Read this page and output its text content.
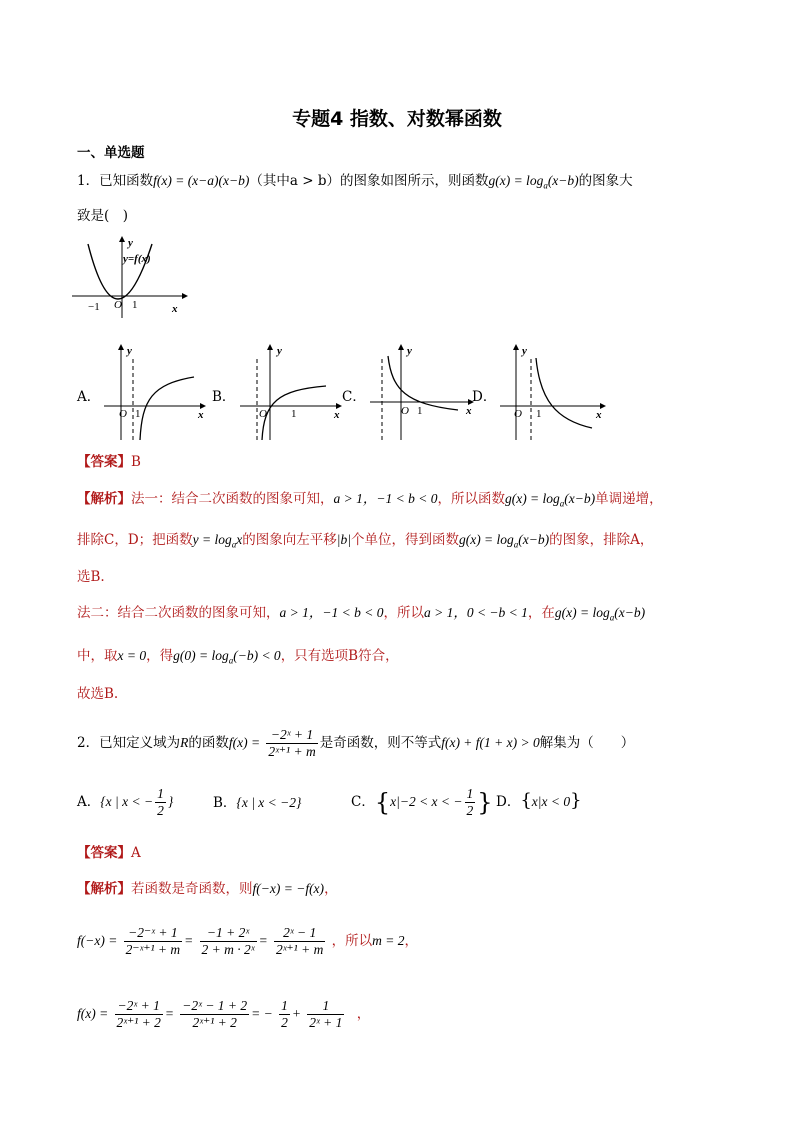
专题4 指数、对数幂函数
一、单选题
1．已知函数f(x) = (x−a)(x−b)（其中a > b）的图象如图所示，则函数$g(x) = \log_a(x-b)$的图象大
致是(　)
y
y=f(x)
−1 O 1	x
A．
y
O 1	x
B．
y
O 1	x
C．
y
O 1	x
D．
y
O 1	x
【答案】B
【解析】法一：结合二次函数的图象可知，a > 1，−1 < b < 0，所以函数$g(x) = \log_a(x-b)$单调递增，
排除C，D；把函数$y = \log_ax$的图象向左平移|b|个单位，得到函数$g(x) = \log_a(x-b)$的图象，排除A，
选B.
法二：结合二次函数的图象可知，a > 1，−1 < b < 0，所以a > 1，0 < −b < 1，在$g(x) = \log_a(x-b)$
中，取x = 0，得$g(0) = \log_a(-b) < 0$，只有选项B符合，
故选B.
2．已知定义域为R的函数$f(x) = \frac{\text{−2ˣ + 1}}{\text{2ˣ⁺¹ + m}}$ 是奇函数，则不等式f(x) + f(1 + x) > 0解集为（　　）
A．{x | x < − $\frac{1}{2}$ }	B．{x | x < −2}	C．{x|−2 < x < − $\frac{1}{2}$ } D．{x|x < 0}
【答案】A
【解析】若函数是奇函数，则f(−x) = −f(x)，
$f(-x) = \frac{\text{−2⁻ˣ + 1}}{\text{2⁻ˣ⁺¹ + m}} = \frac{\text{−1 + 2ˣ}}{\text{2 + m · 2ˣ}} = \frac{\text{2ˣ − 1}}{\text{2ˣ⁺¹ + m}}$ ，所以m = 2，
$f(x) = \frac{\text{−2ˣ + 1}}{\text{2ˣ⁺¹ + 2}} = \frac{\text{−2ˣ − 1 + 2}}{\text{2ˣ⁺¹ + 2}}$ = − $\frac{1}{2} + \frac{1}{\text{2ˣ + 1}}$ ，
